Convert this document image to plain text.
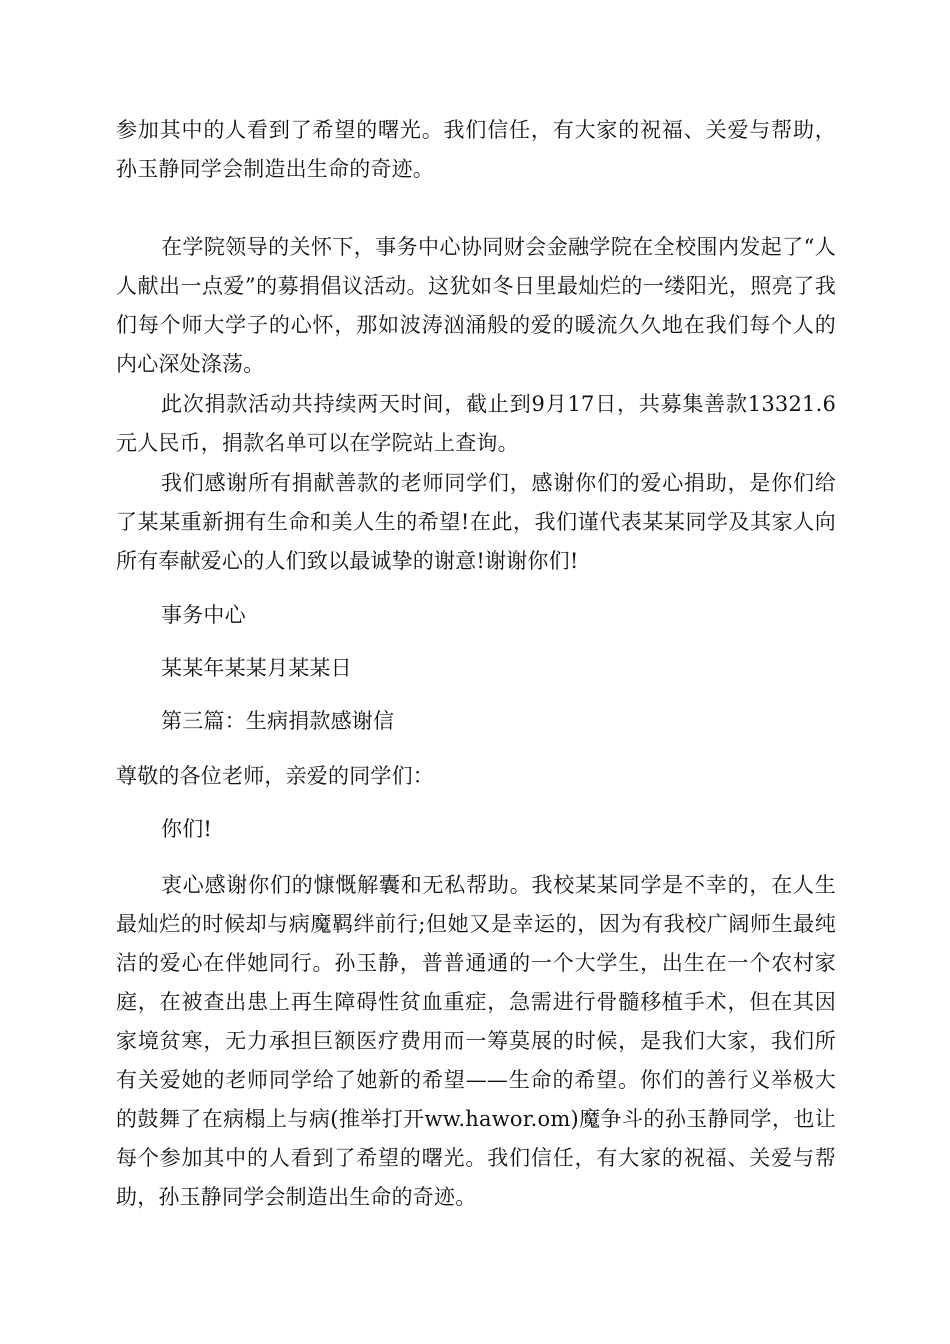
参加其中的人看到了希望的曙光。我们信任，有大家的祝福、关爱与帮助，孙玉静同学会制造出生命的奇迹。

在学院领导的关怀下，事务中心协同财会金融学院在全校围内发起了“人人献出一点爱”的募捐倡议活动。这犹如冬日里最灿烂的一缕阳光，照亮了我们每个师大学子的心怀，那如波涛汹涌般的爱的暖流久久地在我们每个人的内心深处涤荡。

此次捐款活动共持续两天时间，截止到9月17日，共募集善款13321.6元人民币，捐款名单可以在学院站上查询。

我们感谢所有捐献善款的老师同学们，感谢你们的爱心捐助，是你们给了某某重新拥有生命和美人生的希望!在此，我们谨代表某某同学及其家人向所有奉献爱心的人们致以最诚挚的谢意!谢谢你们!

事务中心

某某年某某月某某日

第三篇：生病捐款感谢信

尊敬的各位老师，亲爱的同学们：

你们!

衷心感谢你们的慷慨解囊和无私帮助。我校某某同学是不幸的，在人生最灿烂的时候却与病魔羁绊前行;但她又是幸运的，因为有我校广阔师生最纯洁的爱心在伴她同行。孙玉静，普普通通的一个大学生，出生在一个农村家庭，在被查出患上再生障碍性贫血重症，急需进行骨髓移植手术，但在其因家境贫寒，无力承担巨额医疗费用而一筹莫展的时候，是我们大家，我们所有关爱她的老师同学给了她新的希望——生命的希望。你们的善行义举极大的鼓舞了在病榻上与病(推举打开ww.hawor.om)魔争斗的孙玉静同学，也让每个参加其中的人看到了希望的曙光。我们信任，有大家的祝福、关爱与帮助，孙玉静同学会制造出生命的奇迹。
